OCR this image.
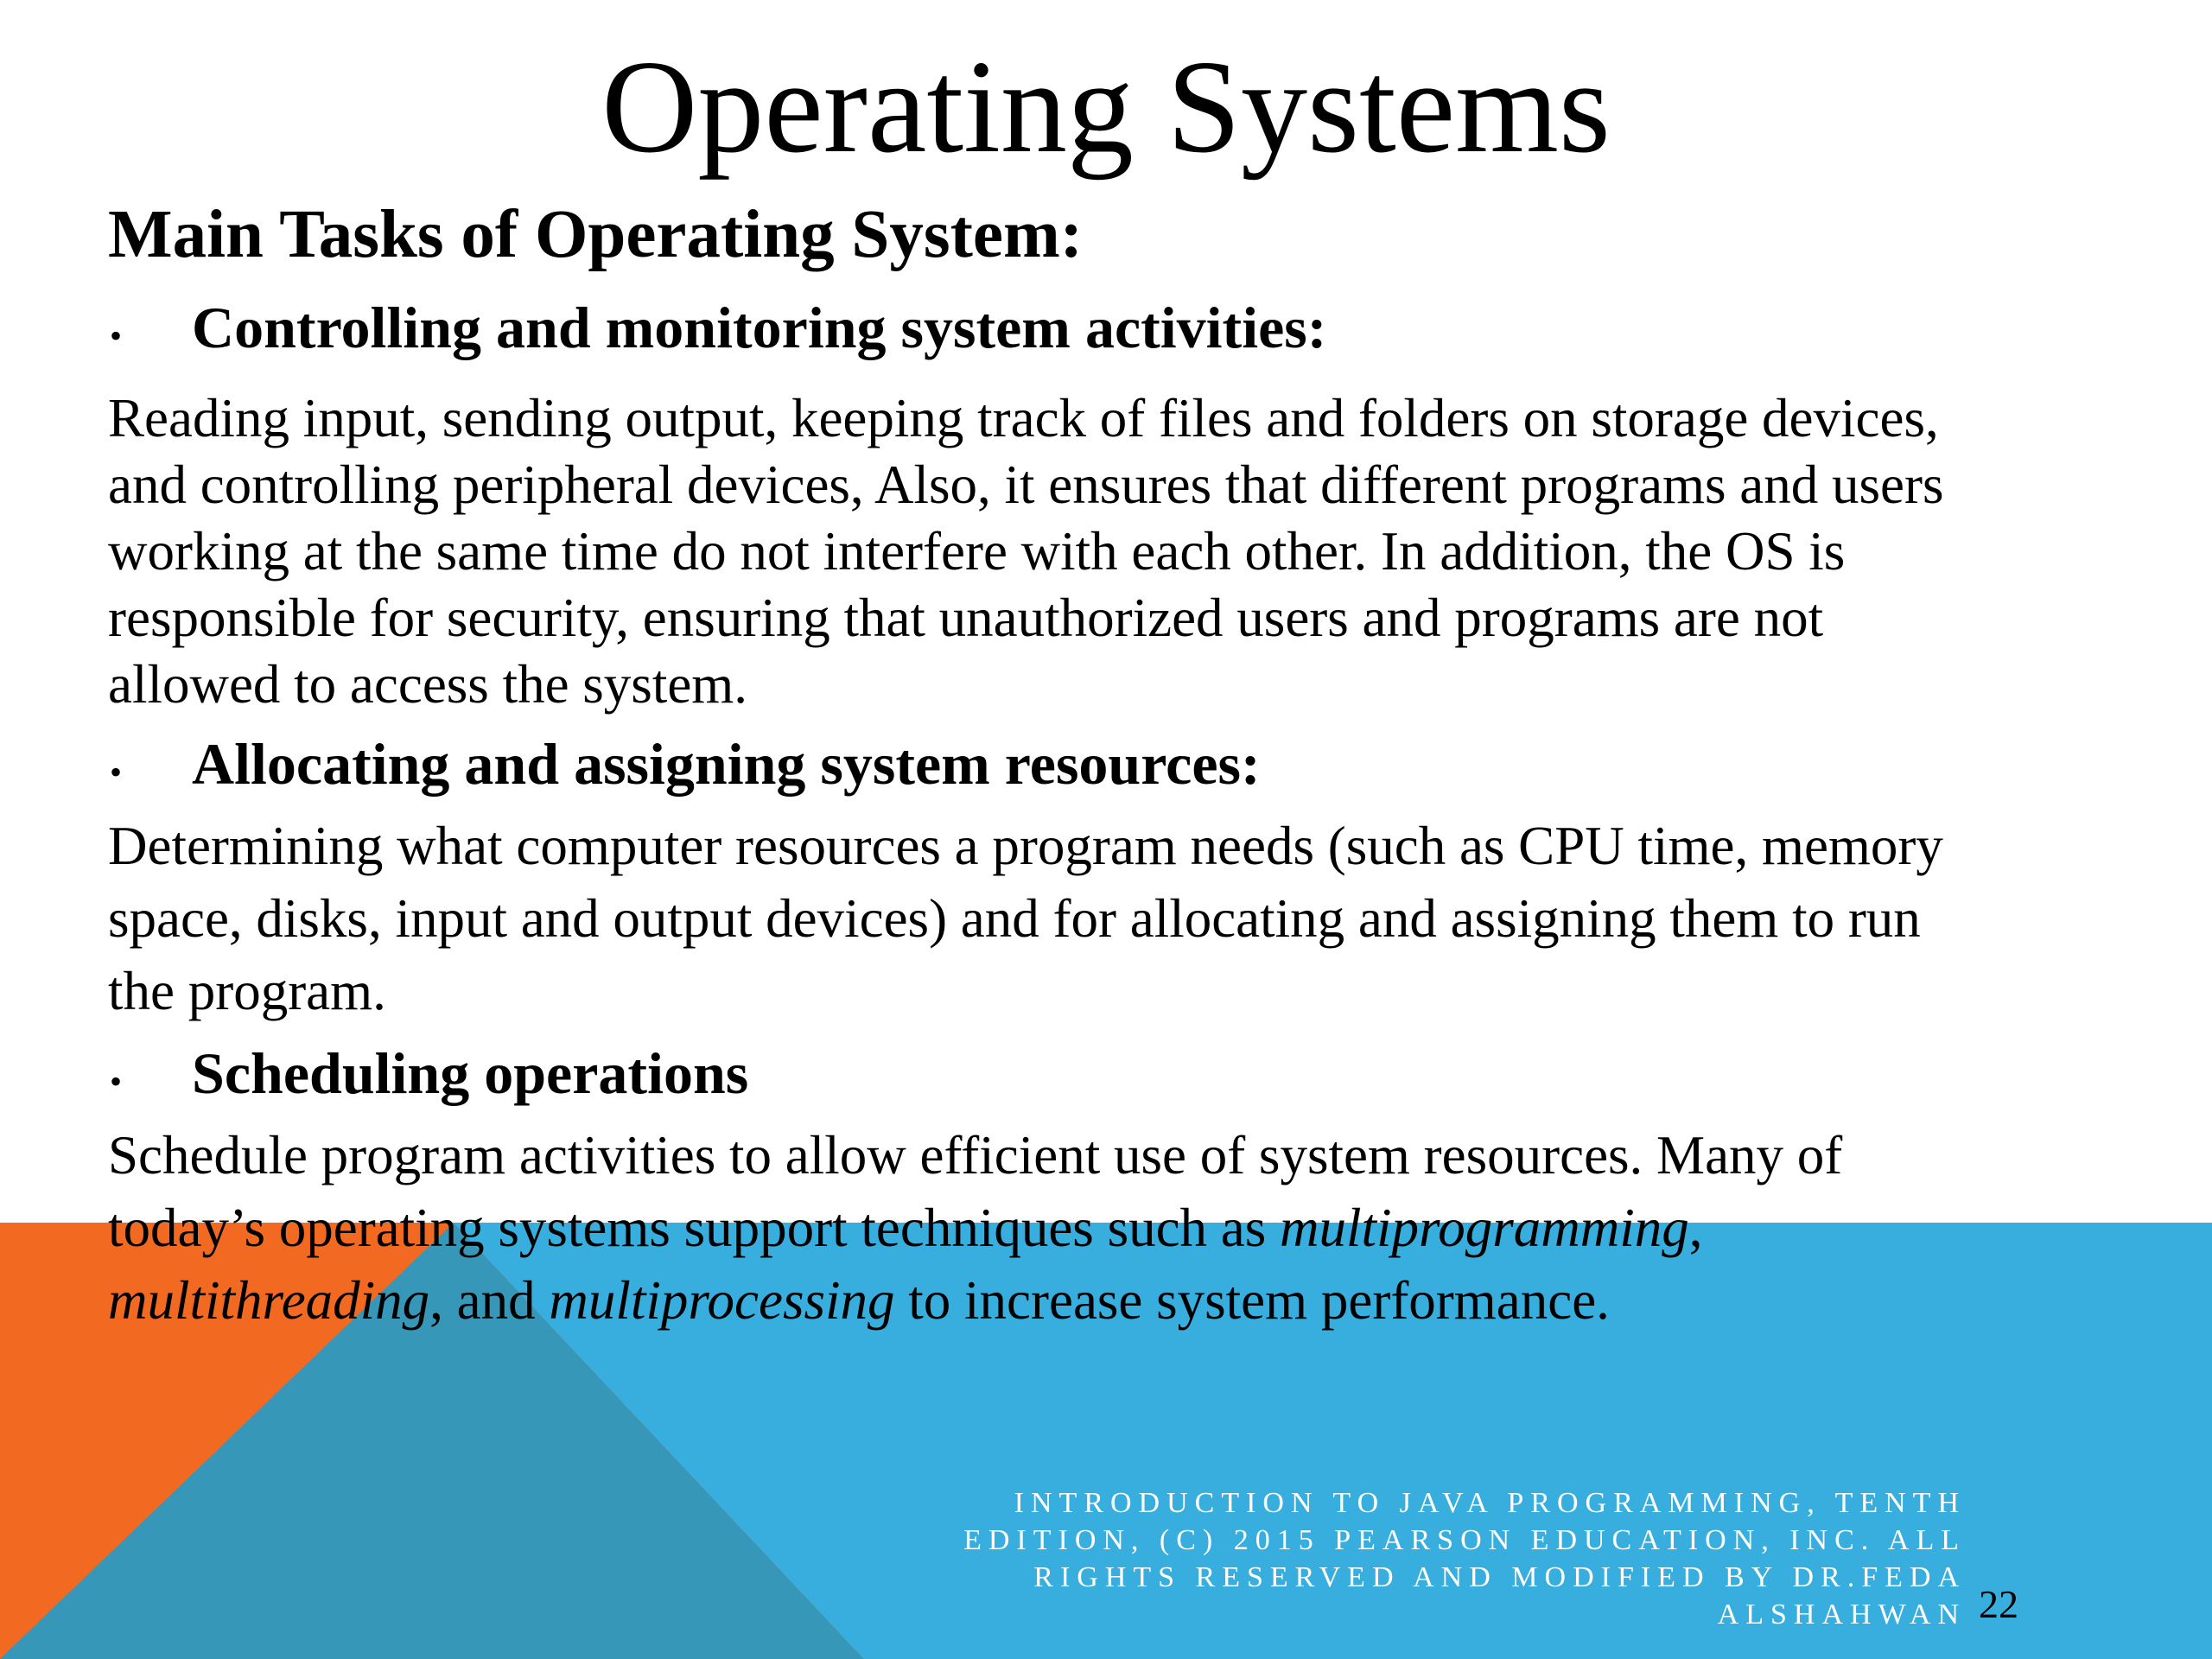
Operating Systems
Main Tasks of Operating System:
•	Controlling and monitoring system activities:
Reading input, sending output, keeping track of files and folders on storage devices,
and controlling peripheral devices, Also, it ensures that different programs and users
working at the same time do not interfere with each other. In addition, the OS is
responsible for security, ensuring that unauthorized users and programs are not
allowed to access the system.
•	Allocating and assigning system resources:
Determining what computer resources a program needs (such as CPU time, memory
space, disks, input and output devices) and for allocating and assigning them to run
the program.
•	Scheduling operations
Schedule program activities to allow efficient use of system resources. Many of
today’s operating systems support techniques such as multiprogramming,
multithreading, and multiprocessing to increase system performance.
INTRODUCTION TO JAVA PROGRAMMING, TENTH
EDITION, (C) 2015 PEARSON EDUCATION, INC. ALL
RIGHTS RESERVED AND MODIFIED BY DR.FEDA
ALSHAHWAN 22
